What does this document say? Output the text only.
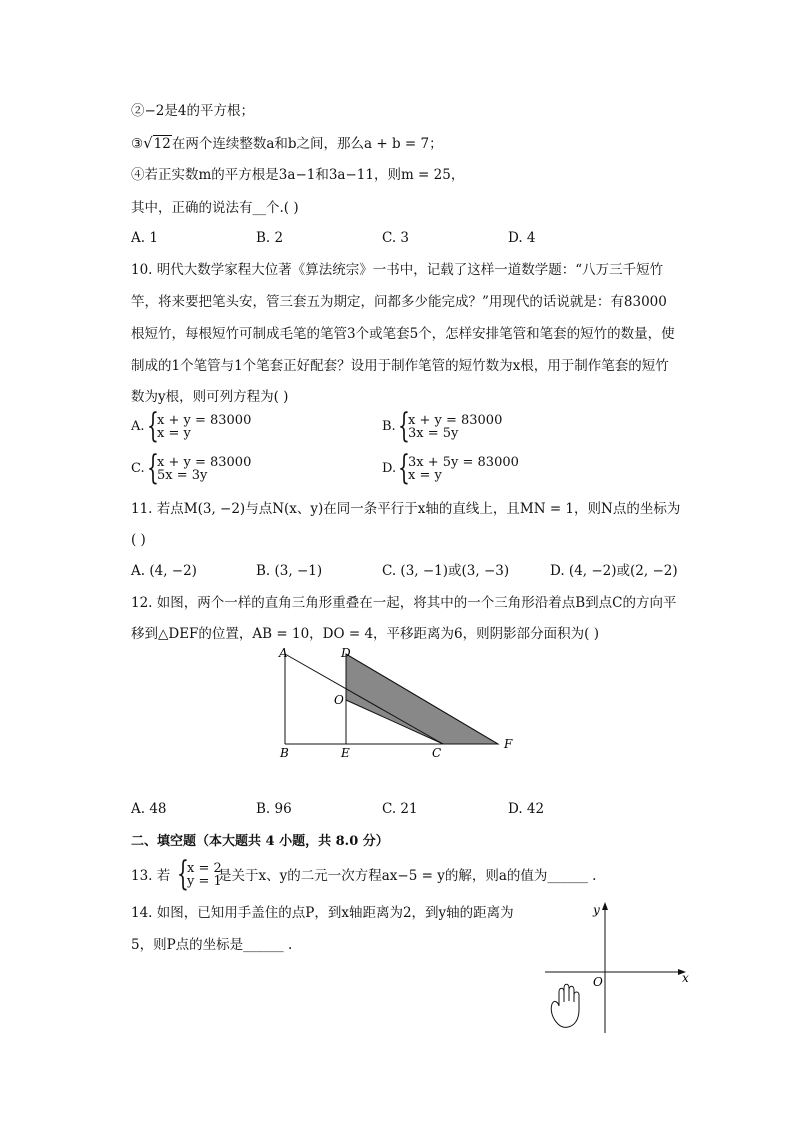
②−2是4的平方根；
③√12在两个连续整数a和b之间，那么a + b = 7；
④若正实数m的平方根是3a−1和3a−11，则m = 25，
其中，正确的说法有__个.( )
A. 1	B. 2	C. 3	D. 4
10. 明代大数学家程大位著《算法统宗》一书中，记载了这样一道数学题：“八万三千短竹
竿，将来要把笔头安，管三套五为期定，问都多少能完成？”用现代的话说就是：有83000
根短竹，每根短竹可制成毛笔的笔管3个或笔套5个，怎样安排笔管和笔套的短竹的数量，使
制成的1个笔管与1个笔套正好配套？设用于制作笔管的短竹数为x根，用于制作笔套的短竹
数为y根，则可列方程为( )
A. {
x + y = 83000
x = y	B. {
x + y = 83000
3x = 5y
C. {
x + y = 83000
5x = 3y	D. {
3x + 5y = 83000
x = y
11. 若点M(3, −2)与点N(x、y)在同一条平行于x轴的直线上，且MN = 1，则N点的坐标为
( )
A. (4, −2)	B. (3, −1)	C. (3, −1)或(3, −3)	D. (4, −2)或(2, −2)
12. 如图，两个一样的直角三角形重叠在一起，将其中的一个三角形沿着点B到点C的方向平
移到△DEF的位置，AB = 10，DO = 4，平移距离为6，则阴影部分面积为( )
A	D
O
B	E	C
F
A. 48	B. 96	C. 21	D. 42
二、填空题（本大题共 4 小题，共 8.0 分）
13. 若 {
x = 2
y = 1
是关于x、y的二元一次方程ax−5 = y的解，则a的值为______ .
14. 如图，已知用手盖住的点P，到x轴距离为2，到y轴的距离为
5，则P点的坐标是______ .
y
x
O
